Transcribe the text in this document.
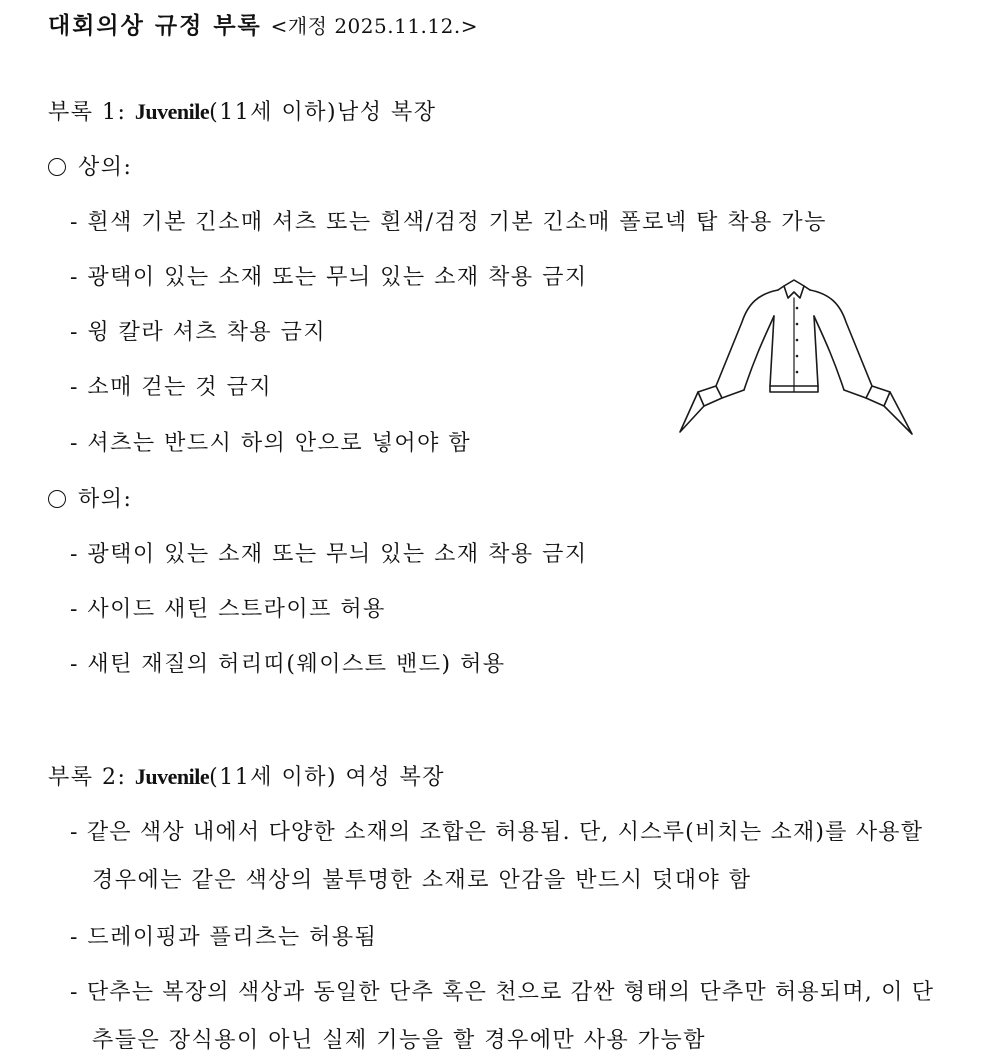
대회의상 규정 부록 <개정 2025.11.12.>
부록 1: Juvenile(11세 이하)남성 복장
상의:
- 흰색 기본 긴소매 셔츠 또는 흰색/검정 기본 긴소매 폴로넥 탑 착용 가능
- 광택이 있는 소재 또는 무늬 있는 소재 착용 금지
- 윙 칼라 셔츠 착용 금지
- 소매 걷는 것 금지
- 셔츠는 반드시 하의 안으로 넣어야 함
하의:
- 광택이 있는 소재 또는 무늬 있는 소재 착용 금지
- 사이드 새틴 스트라이프 허용
- 새틴 재질의 허리띠(웨이스트 밴드) 허용
부록 2: Juvenile(11세 이하) 여성 복장
- 같은 색상 내에서 다양한 소재의 조합은 허용됨. 단, 시스루(비치는 소재)를 사용할
경우에는 같은 색상의 불투명한 소재로 안감을 반드시 덧대야 함
- 드레이핑과 플리츠는 허용됨
- 단추는 복장의 색상과 동일한 단추 혹은 천으로 감싼 형태의 단추만 허용되며, 이 단
추들은 장식용이 아닌 실제 기능을 할 경우에만 사용 가능함
